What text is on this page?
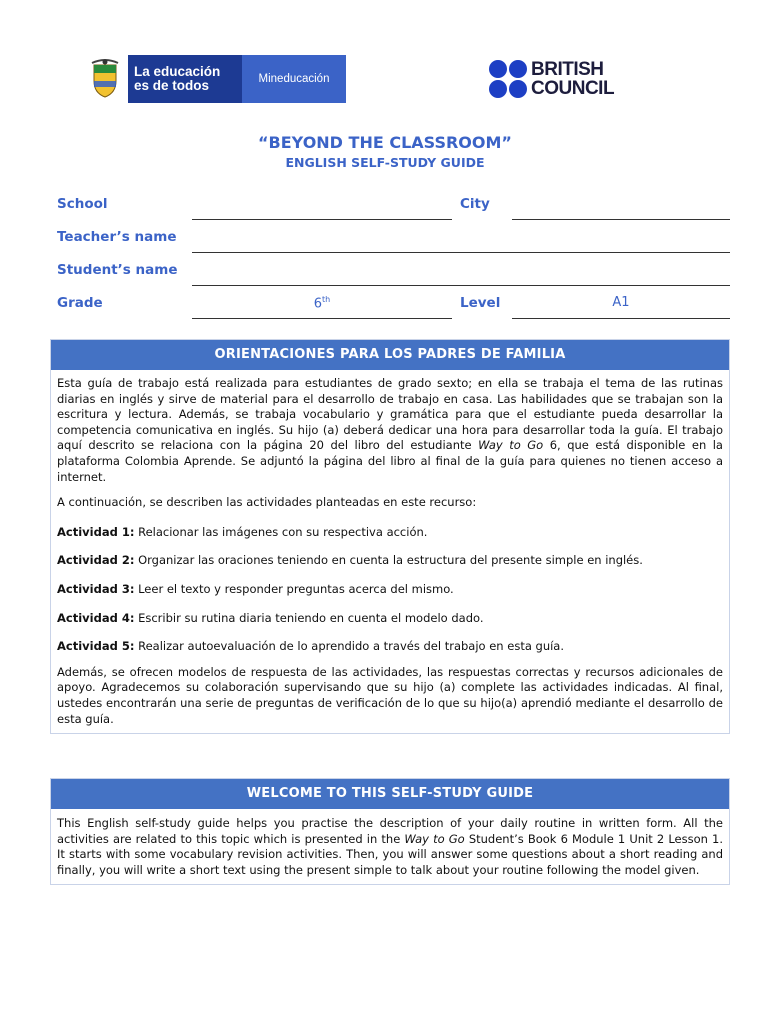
La educación
es de todos	Mineducación	BRITISH
COUNCIL
“BEYOND THE CLASSROOM”
ENGLISH SELF-STUDY GUIDE
School	City
Teacher’s name
Student’s name
Grade	6th	Level	A1
ORIENTACIONES PARA LOS PADRES DE FAMILIA

Esta guía de trabajo está realizada para estudiantes de grado sexto; en ella se trabaja el tema de las rutinas diarias en inglés y sirve de material para el desarrollo de trabajo en casa. Las habilidades que se trabajan son la escritura y lectura. Además, se trabaja vocabulario y gramática para que el estudiante pueda desarrollar la competencia comunicativa en inglés. Su hijo (a) deberá dedicar una hora para desarrollar toda la guía. El trabajo aquí descrito se relaciona con la página 20 del libro del estudiante Way to Go 6, que está disponible en la plataforma Colombia Aprende. Se adjuntó la página del libro al final de la guía para quienes no tienen acceso a internet.

A continuación, se describen las actividades planteadas en este recurso:

Actividad 1: Relacionar las imágenes con su respectiva acción.

Actividad 2: Organizar las oraciones teniendo en cuenta la estructura del presente simple en inglés.

Actividad 3: Leer el texto y responder preguntas acerca del mismo.

Actividad 4: Escribir su rutina diaria teniendo en cuenta el modelo dado.

Actividad 5: Realizar autoevaluación de lo aprendido a través del trabajo en esta guía.

Además, se ofrecen modelos de respuesta de las actividades, las respuestas correctas y recursos adicionales de apoyo. Agradecemos su colaboración supervisando que su hijo (a) complete las actividades indicadas. Al final, ustedes encontrarán una serie de preguntas de verificación de lo que su hijo(a) aprendió mediante el desarrollo de esta guía.

WELCOME TO THIS SELF-STUDY GUIDE

This English self-study guide helps you practise the description of your daily routine in written form. All the activities are related to this topic which is presented in the Way to Go Student’s Book 6 Module 1 Unit 2 Lesson 1. It starts with some vocabulary revision activities. Then, you will answer some questions about a short reading and finally, you will write a short text using the present simple to talk about your routine following the model given.
